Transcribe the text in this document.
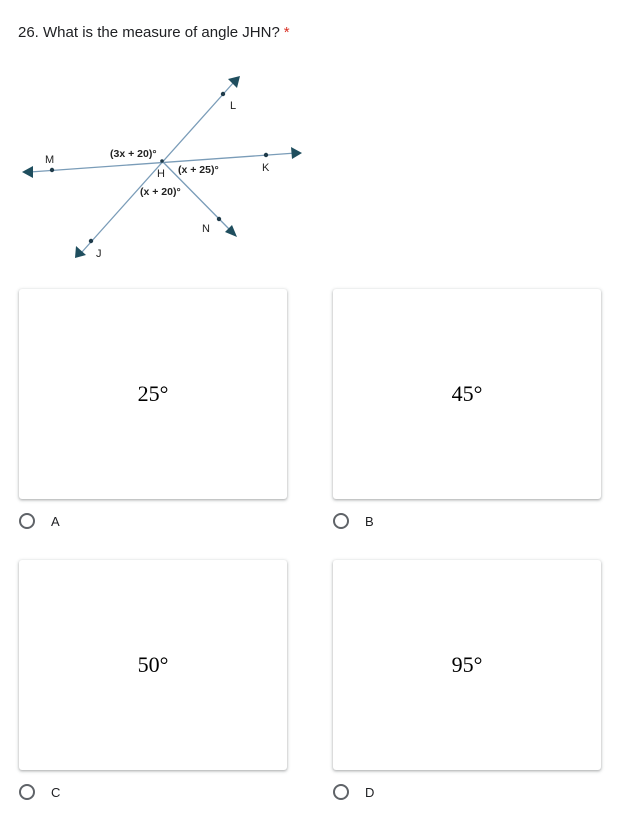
26. What is the measure of angle JHN? *
M
H	K
L
J
N
(3x + 20)°
(x + 25)°
(x + 20)°
25°
A
45°
B
50°
C
95°
D
